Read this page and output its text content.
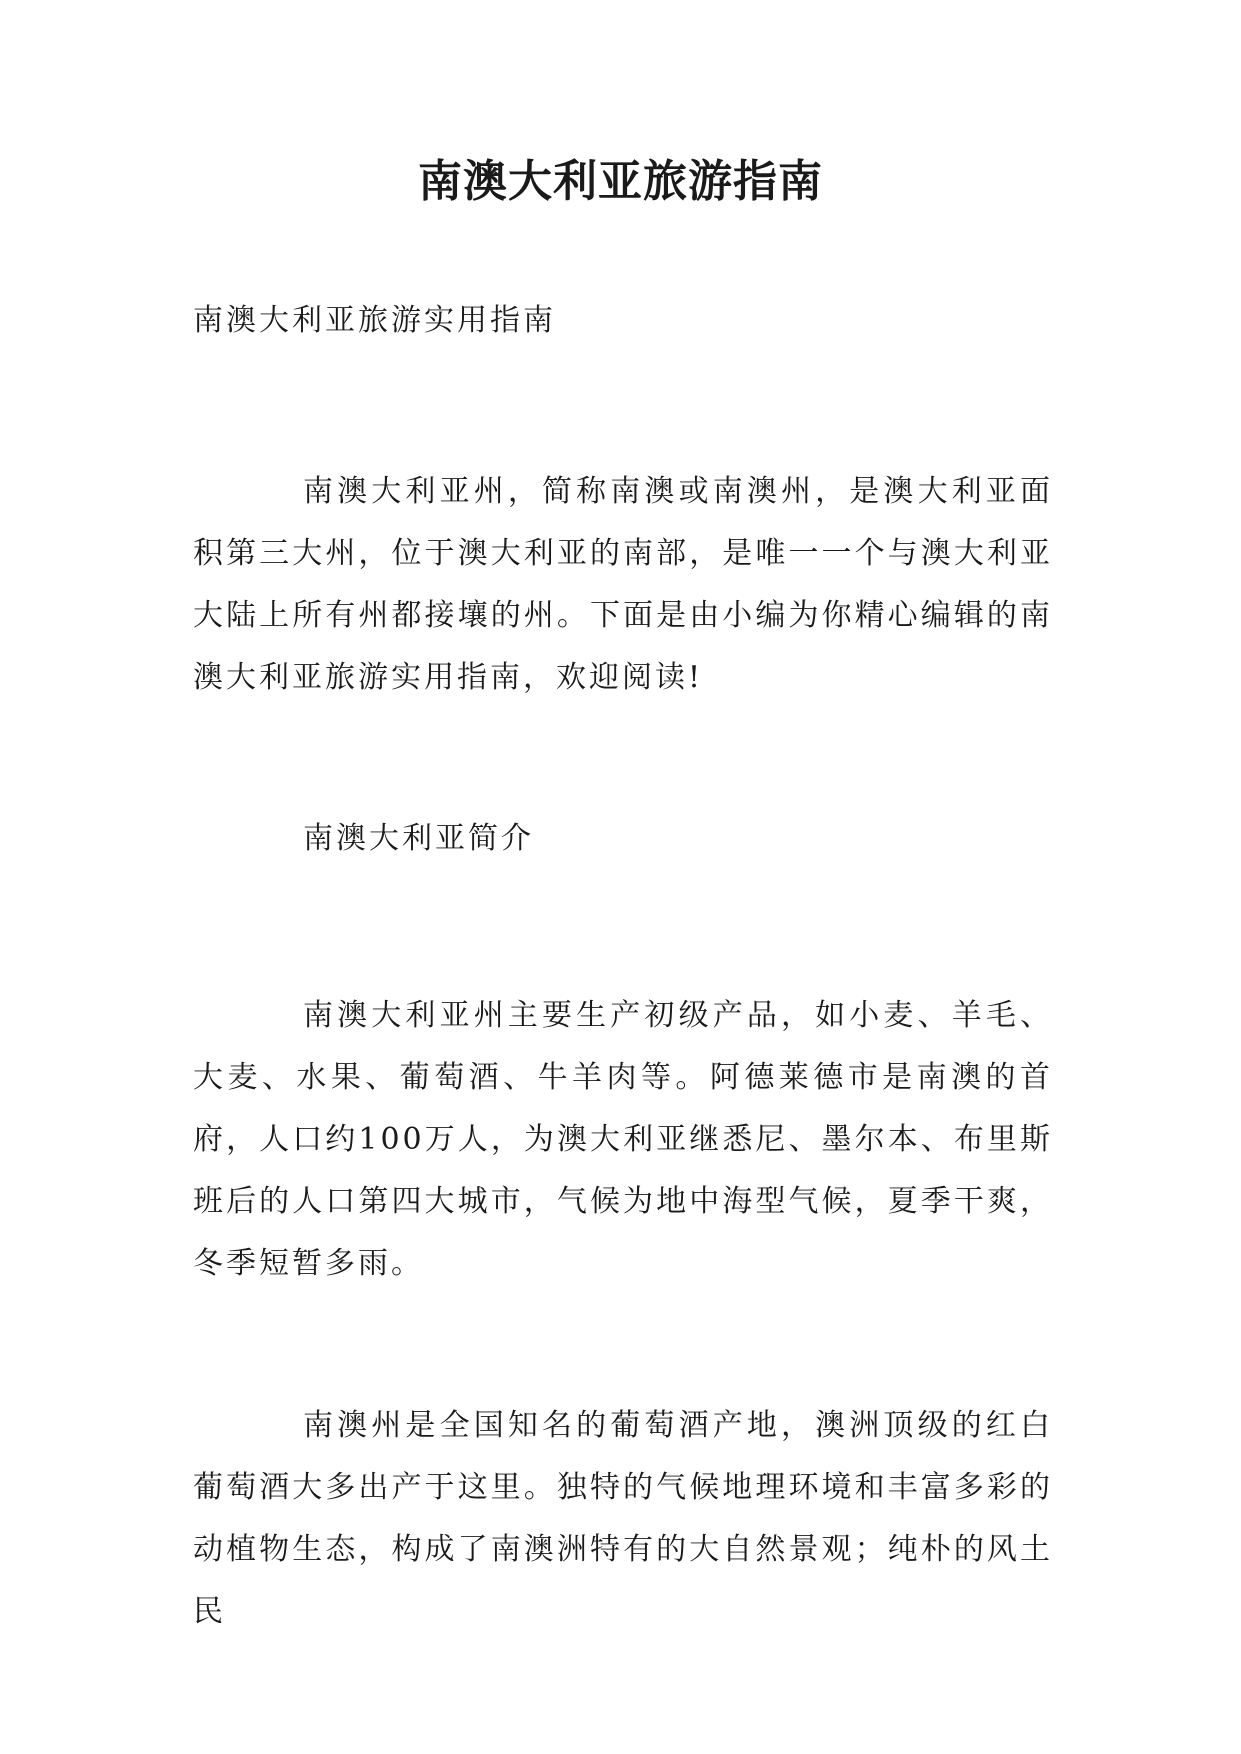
南澳大利亚旅游指南

南澳大利亚旅游实用指南

南澳大利亚州，简称南澳或南澳州，是澳大利亚面积第三大州，位于澳大利亚的南部，是唯一一个与澳大利亚大陆上所有州都接壤的州。下面是由小编为你精心编辑的南澳大利亚旅游实用指南，欢迎阅读!

南澳大利亚简介

南澳大利亚州主要生产初级产品，如小麦、羊毛、大麦、水果、葡萄酒、牛羊肉等。阿德莱德市是南澳的首府，人口约100万人，为澳大利亚继悉尼、墨尔本、布里斯班后的人口第四大城市，气候为地中海型气候，夏季干爽，冬季短暂多雨。

南澳州是全国知名的葡萄酒产地，澳洲顶级的红白葡萄酒大多出产于这里。独特的气候地理环境和丰富多彩的动植物生态，构成了南澳洲特有的大自然景观；纯朴的风土民
